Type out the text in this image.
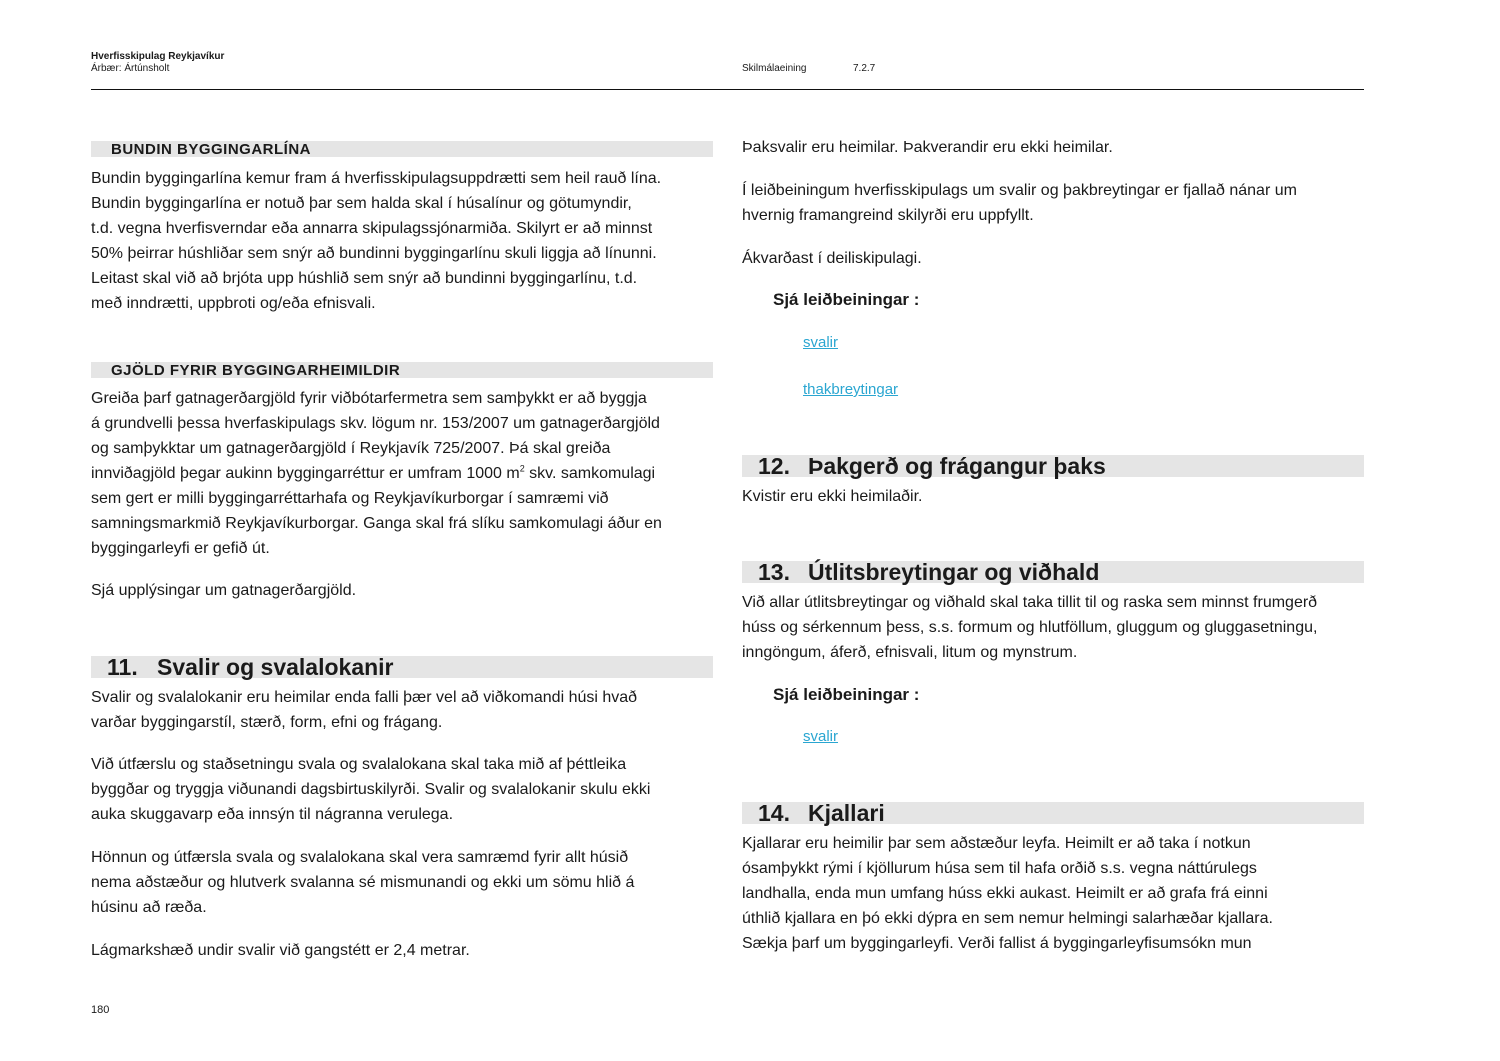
Hverfisskipulag Reykjavíkur
Árbær: Ártúnsholt	Skilmálaeining	7.2.7
BUNDIN BYGGINGARLÍNA

Bundin byggingarlína kemur fram á hverfisskipulagsuppdrætti sem heil rauð lína.
Bundin byggingarlína er notuð þar sem halda skal í húsalínur og götumyndir,
t.d. vegna hverfisverndar eða annarra skipulagssjónarmiða. Skilyrt er að minnst
50% þeirrar húshliðar sem snýr að bundinni byggingarlínu skuli liggja að línunni.
Leitast skal við að brjóta upp húshlið sem snýr að bundinni byggingarlínu, t.d.
með inndrætti, uppbroti og/eða efnisvali.

GJÖLD FYRIR BYGGINGARHEIMILDIR

Greiða þarf gatnagerðargjöld fyrir viðbótarfermetra sem samþykkt er að byggja
á grundvelli þessa hverfaskipulags skv. lögum nr. 153/2007 um gatnagerðargjöld
og samþykktar um gatnagerðargjöld í Reykjavík 725/2007. Þá skal greiða
innviðagjöld þegar aukinn byggingarréttur er umfram 1000 $m^2$ skv. samkomulagi
sem gert er milli byggingarréttarhafa og Reykjavíkurborgar í samræmi við
samningsmarkmið Reykjavíkurborgar. Ganga skal frá slíku samkomulagi áður en
byggingarleyfi er gefið út.

Sjá upplýsingar um gatnagerðargjöld.

11. Svalir og svalalokanir

Svalir og svalalokanir eru heimilar enda falli þær vel að viðkomandi húsi hvað
varðar byggingarstíl, stærð, form, efni og frágang.

Við útfærslu og staðsetningu svala og svalalokana skal taka mið af þéttleika
byggðar og tryggja viðunandi dagsbirtuskilyrði. Svalir og svalalokanir skulu ekki
auka skuggavarp eða innsýn til nágranna verulega.

Hönnun og útfærsla svala og svalalokana skal vera samræmd fyrir allt húsið
nema aðstæður og hlutverk svalanna sé mismunandi og ekki um sömu hlið á
húsinu að ræða.

Lágmarkshæð undir svalir við gangstétt er 2,4 metrar.

Þaksvalir eru heimilar. Þakverandir eru ekki heimilar.

Í leiðbeiningum hverfisskipulags um svalir og þakbreytingar er fjallað nánar um
hvernig framangreind skilyrði eru uppfyllt.

Ákvarðast í deiliskipulagi.

Sjá leiðbeiningar :
svalir
thakbreytingar
12. Þakgerð og frágangur þaks

Kvistir eru ekki heimilaðir.

13. Útlitsbreytingar og viðhald

Við allar útlitsbreytingar og viðhald skal taka tillit til og raska sem minnst frumgerð
húss og sérkennum þess, s.s. formum og hlutföllum, gluggum og gluggasetningu,
inngöngum, áferð, efnisvali, litum og mynstrum.

Sjá leiðbeiningar :
svalir
14. Kjallari

Kjallarar eru heimilir þar sem aðstæður leyfa. Heimilt er að taka í notkun
ósamþykkt rými í kjöllurum húsa sem til hafa orðið s.s. vegna náttúrulegs
landhalla, enda mun umfang húss ekki aukast. Heimilt er að grafa frá einni
úthlið kjallara en þó ekki dýpra en sem nemur helmingi salarhæðar kjallara.
Sækja þarf um byggingarleyfi. Verði fallist á byggingarleyfisumsókn mun

180
